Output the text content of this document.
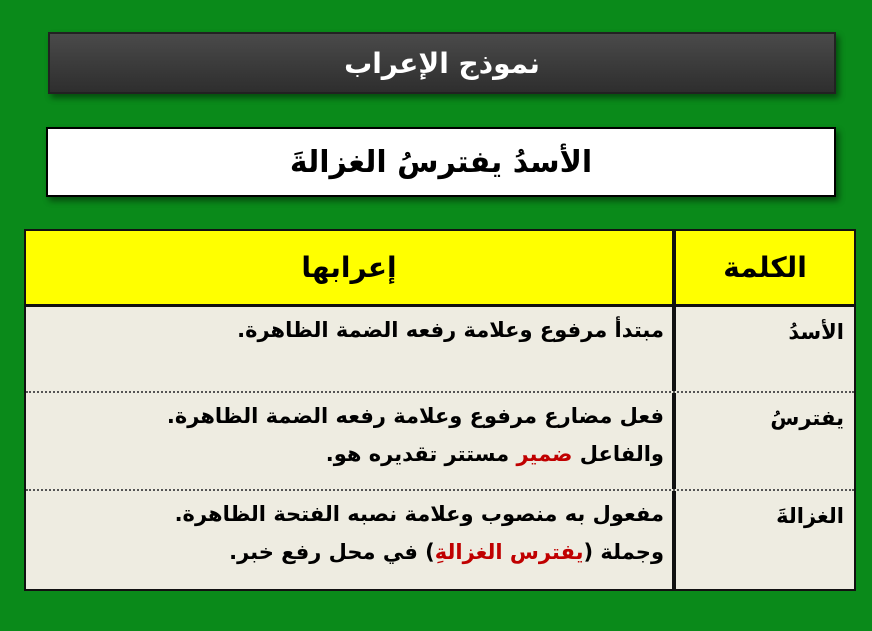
نموذج الإعراب
الأسدُ يفترسُ الغزالةَ
الكلمة
إعرابها
الأسدُ
مبتدأ مرفوع وعلامة رفعه الضمة الظاهرة.
يفترسُ
فعل مضارع مرفوع وعلامة رفعه الضمة الظاهرة.
والفاعل ضمير مستتر تقديره هو.
الغزالةَ
مفعول به منصوب وعلامة نصبه الفتحة الظاهرة.
وجملة (يفترس الغزالةِ) في محل رفع خبر.
